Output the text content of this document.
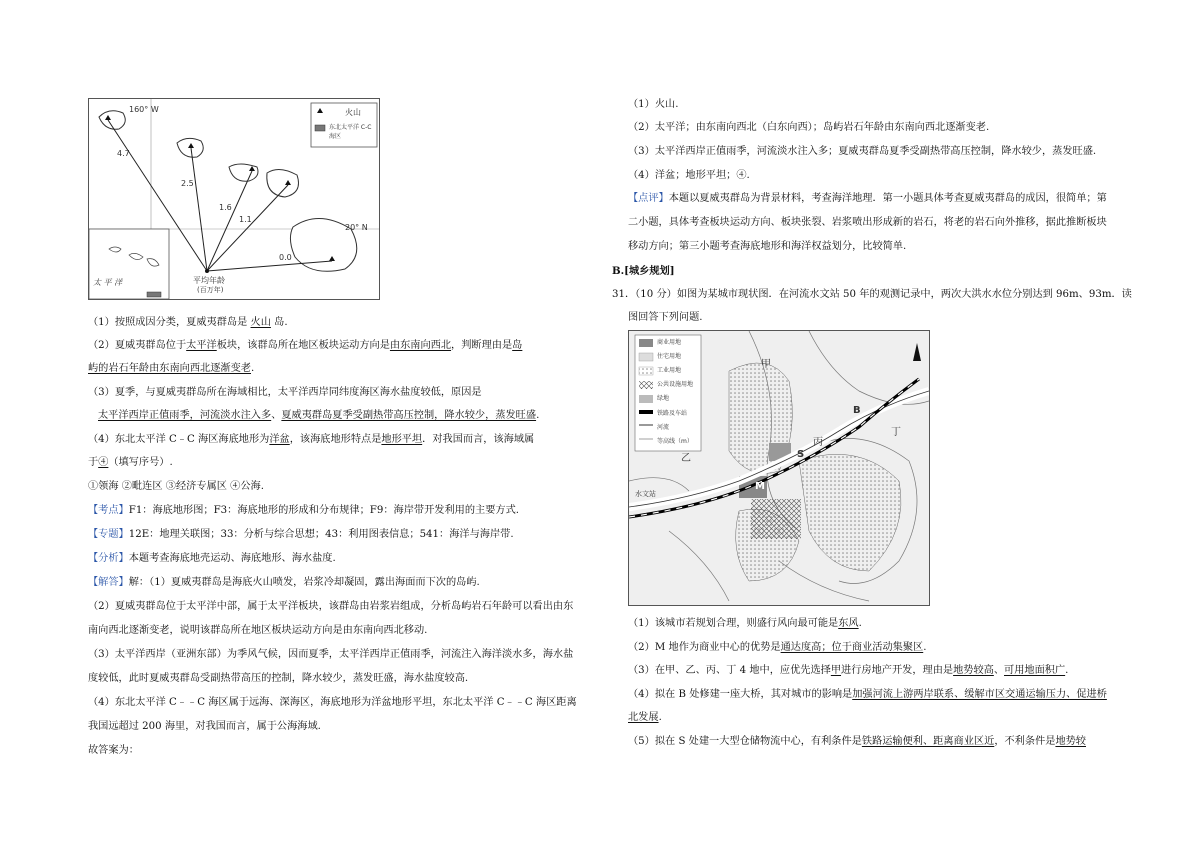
160° W
20° N
火山
东北太平洋 C-C 海区
4.7
2.5
1.6
1.1
0.0
平均年龄
(百万年)
太 平 洋
（1）按照成因分类，夏威夷群岛是 火山 岛.
（2）夏威夷群岛位于太平洋板块，该群岛所在地区板块运动方向是由东南向西北，判断理由是岛
屿的岩石年龄由东南向西北逐渐变老.
（3）夏季，与夏威夷群岛所在海域相比，太平洋西岸同纬度海区海水盐度较低，原因是
太平洋西岸正值雨季，河流淡水注入多、夏威夷群岛夏季受副热带高压控制，降水较少，蒸发旺盛.
（4）东北太平洋 C﹣C 海区海底地形为洋盆，该海底地形特点是地形平坦．对我国而言，该海域属
于④（填写序号）.
①领海 ②毗连区 ③经济专属区 ④公海.
【考点】F1：海底地形图；F3：海底地形的形成和分布规律；F9：海岸带开发利用的主要方式.
【专题】12E：地理关联图；33：分析与综合思想；43：利用图表信息；541：海洋与海岸带.
【分析】本题考查海底地壳运动、海底地形、海水盐度.
【解答】解：（1）夏威夷群岛是海底火山喷发，岩浆冷却凝固，露出海面而下次的岛屿.
（2）夏威夷群岛位于太平洋中部，属于太平洋板块，该群岛由岩浆岩组成，分析岛屿岩石年龄可以看出由东
南向西北逐渐变老，说明该群岛所在地区板块运动方向是由东南向西北移动.
（3）太平洋西岸（亚洲东部）为季风气候，因而夏季，太平洋西岸正值雨季，河流注入海洋淡水多，海水盐
度较低，此时夏威夷群岛受副热带高压的控制，降水较少，蒸发旺盛，海水盐度较高.
（4）东北太平洋 C﹣﹣C 海区属于远海、深海区，海底地形为洋盆地形平坦，东北太平洋 C﹣﹣C 海区距离
我国远超过 200 海里，对我国而言，属于公海海域.
故答案为：
（1）火山.
（2）太平洋；由东南向西北（白东向西）；岛屿岩石年龄由东南向西北逐渐变老.
（3）太平洋西岸正值雨季，河流淡水注入多；夏威夷群岛夏季受副热带高压控制，降水较少，蒸发旺盛.
（4）洋盆；地形平坦；④.
【点评】本题以夏威夷群岛为背景材料，考查海洋地理．第一小题具体考查夏威夷群岛的成因，很简单；第
二小题，具体考查板块运动方向、板块张裂、岩浆喷出形成新的岩石，将老的岩石向外推移，据此推断板块
移动方向；第三小题考查海底地形和海洋权益划分，比较简单.
B.[城乡规划]
31．（10 分）如图为某城市现状图．在河流水文站 50 年的观测记录中，两次大洪水水位分别达到 96m、93m．读
图回答下列问题.
商业用地
住宅用地
工业用地
公共设施用地
绿地
铁路及车站
河流
等高线（m）
甲
乙
丙
丁
B
S
M
水文站
（1）该城市若规划合理，则盛行风向最可能是东风.
（2）M 地作为商业中心的优势是通达度高；位于商业活动集聚区.
（3）在甲、乙、丙、丁 4 地中，应优先选择甲进行房地产开发，理由是地势较高、可用地面积广.
（4）拟在 B 处修建一座大桥，其对城市的影响是加强河流上游两岸联系、缓解市区交通运输压力、促进桥
北发展.
（5）拟在 S 处建一大型仓储物流中心，有利条件是铁路运输便利、距离商业区近，不利条件是地势较
